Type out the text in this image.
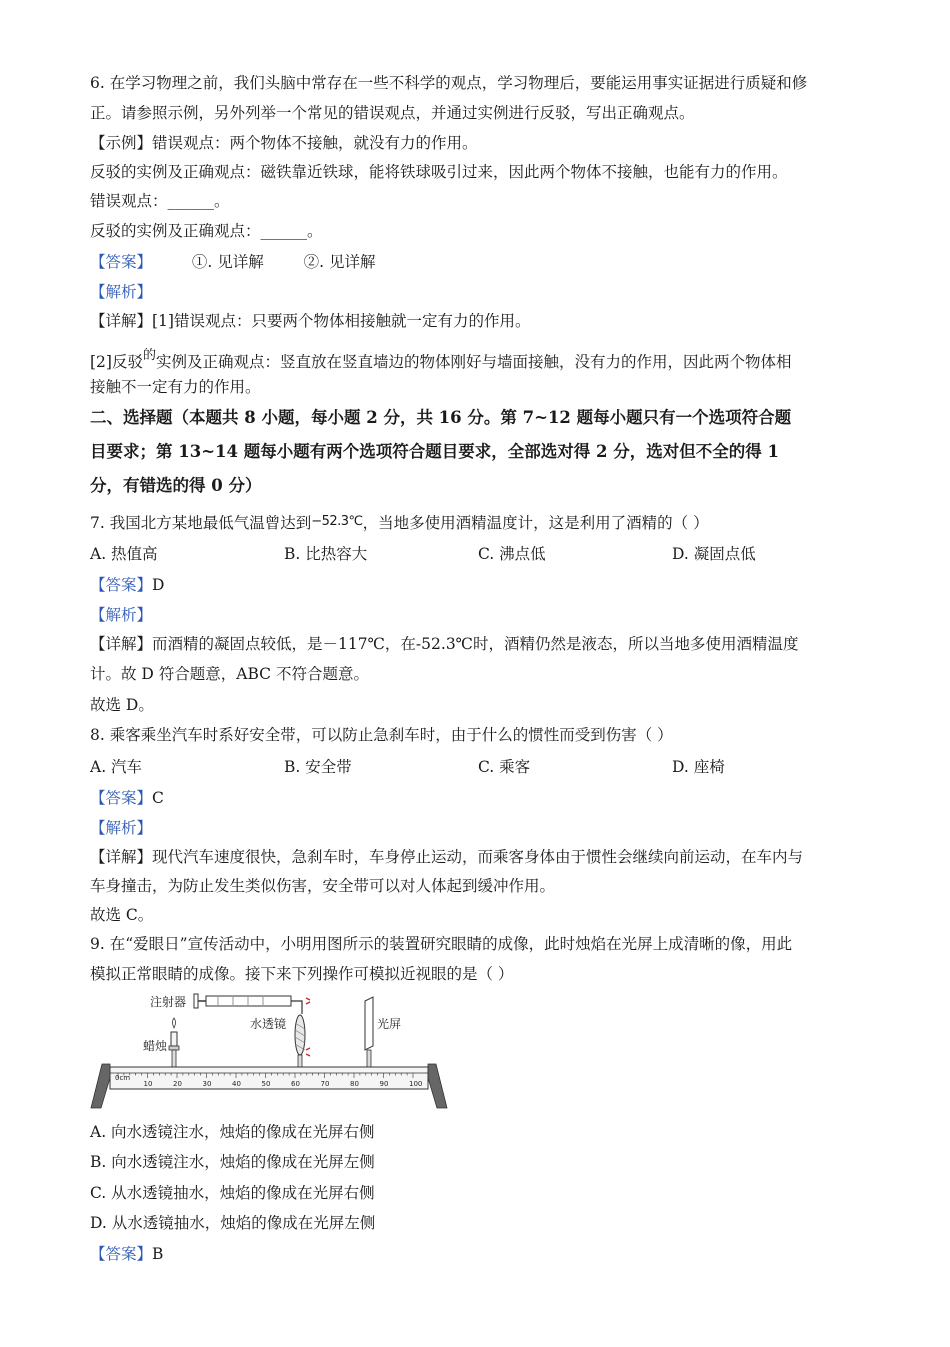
6. 在学习物理之前，我们头脑中常存在一些不科学的观点，学习物理后，要能运用事实证据进行质疑和修
正。请参照示例，另外列举一个常见的错误观点，并通过实例进行反驳，写出正确观点。
【示例】错误观点：两个物体不接触，就没有力的作用。
反驳的实例及正确观点：磁铁靠近铁球，能将铁球吸引过来，因此两个物体不接触，也能有力的作用。
错误观点：______。
反驳的实例及正确观点：______。
【答案】	①. 见详解	②. 见详解
【解析】
【详解】[1]错误观点：只要两个物体相接触就一定有力的作用。
[2]反驳的实例及正确观点：竖直放在竖直墙边的物体刚好与墙面接触，没有力的作用，因此两个物体相
接触不一定有力的作用。
二、选择题（本题共 8 小题，每小题 2 分，共 16 分。第 7~12 题每小题只有一个选项符合题
目要求；第 13~14 题每小题有两个选项符合题目要求，全部选对得 2 分，选对但不全的得 1
分，有错选的得 0 分）
7. 我国北方某地最低气温曾达到−52.3℃，当地多使用酒精温度计，这是利用了酒精的（ ）
A. 热值高	B. 比热容大	C. 沸点低	D. 凝固点低
【答案】D
【解析】
【详解】而酒精的凝固点较低，是－117℃，在-52.3℃时，酒精仍然是液态，所以当地多使用酒精温度
计。故 D 符合题意，ABC 不符合题意。
故选 D。
8. 乘客乘坐汽车时系好安全带，可以防止急刹车时，由于什么的惯性而受到伤害（ ）
A. 汽车	B. 安全带	C. 乘客	D. 座椅
【答案】C
【解析】
【详解】现代汽车速度很快，急刹车时，车身停止运动，而乘客身体由于惯性会继续向前运动，在车内与
车身撞击，为防止发生类似伤害，安全带可以对人体起到缓冲作用。
故选 C。
9. 在“爱眼日”宣传活动中，小明用图所示的装置研究眼睛的成像，此时烛焰在光屏上成清晰的像，用此
模拟正常眼睛的成像。接下来下列操作可模拟近视眼的是（ ）
注射器
水透镜	光屏
蜡烛
10	20	30	40	50	60	70	80	90	100
0cm
A. 向水透镜注水，烛焰的像成在光屏右侧
B. 向水透镜注水，烛焰的像成在光屏左侧
C. 从水透镜抽水，烛焰的像成在光屏右侧
D. 从水透镜抽水，烛焰的像成在光屏左侧
【答案】B
